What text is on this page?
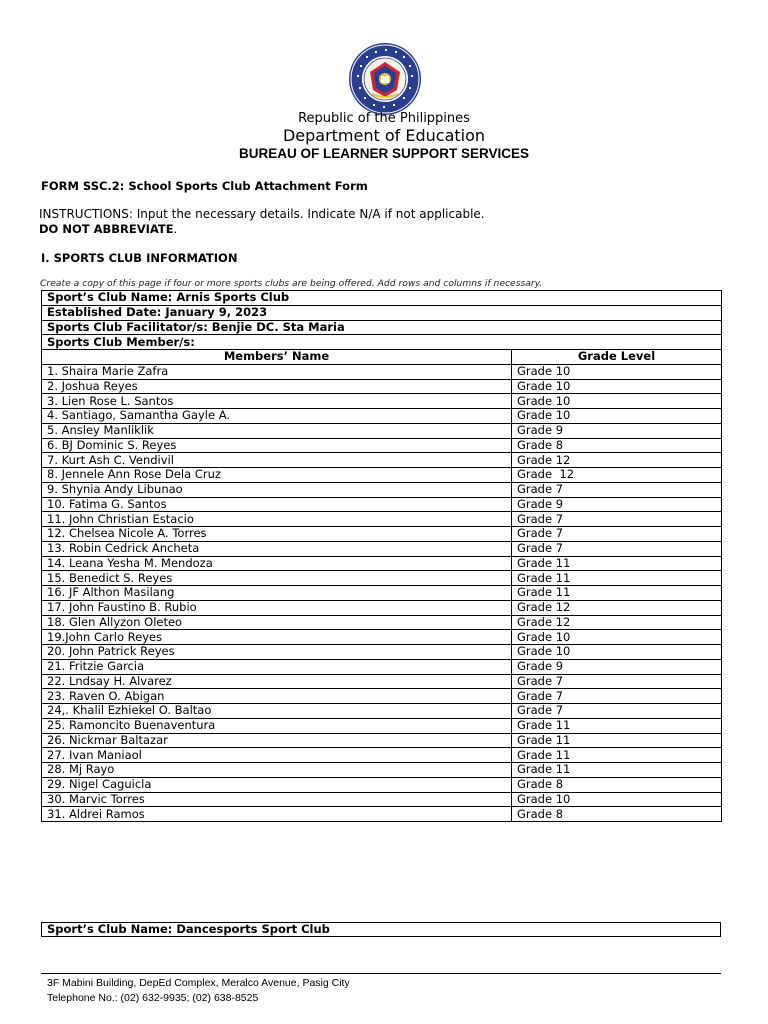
Republic of the Philippines
Department of Education
BUREAU OF LEARNER SUPPORT SERVICES
FORM SSC.2: School Sports Club Attachment Form
INSTRUCTIONS: Input the necessary details. Indicate N/A if not applicable.
DO NOT ABBREVIATE.
I. SPORTS CLUB INFORMATION
Create a copy of this page if four or more sports clubs are being offered. Add rows and columns if necessary.
Sport’s Club Name: Arnis Sports Club	
Established Date: January 9, 2023	
Sports Club Facilitator/s: Benjie DC. Sta Maria	
Sports Club Member/s:	
Members’ Name	Grade Level
1. Shaira Marie Zafra	Grade 10
2. Joshua Reyes	Grade 10
3. Lien Rose L. Santos	Grade 10
4. Santiago, Samantha Gayle A.	Grade 10
5. Ansley Manliklik	Grade 9
6. BJ Dominic S. Reyes	Grade 8
7. Kurt Ash C. Vendivil	Grade 12
8. Jennele Ann Rose Dela Cruz	Grade  12
9. Shynia Andy Libunao	Grade 7
10. Fatima G. Santos	Grade 9
11. John Christian Estacio	Grade 7
12. Chelsea Nicole A. Torres	Grade 7
13. Robin Cedrick Ancheta	Grade 7
14. Leana Yesha M. Mendoza	Grade 11
15. Benedict S. Reyes	Grade 11
16. JF Althon Masilang	Grade 11
17. John Faustino B. Rubio	Grade 12
18. Glen Allyzon Oleteo	Grade 12
19.John Carlo Reyes	Grade 10
20. John Patrick Reyes	Grade 10
21. Fritzie Garcia	Grade 9
22. Lndsay H. Alvarez	Grade 7
23. Raven O. Abigan	Grade 7
24,. Khalil Ezhiekel O. Baltao	Grade 7
25. Ramoncito Buenaventura	Grade 11
26. Nickmar Baltazar	Grade 11
27. Ivan Maniaol	Grade 11
28. Mj Rayo	Grade 11
29. Nigel Caguicla	Grade 8
30. Marvic Torres	Grade 10
31. Aldrei Ramos	Grade 8
Sport’s Club Name: Dancesports Sport Club
3F Mabini Building, DepEd Complex, Meralco Avenue, Pasig City
Telephone No.: (02) 632-9935; (02) 638-8525
